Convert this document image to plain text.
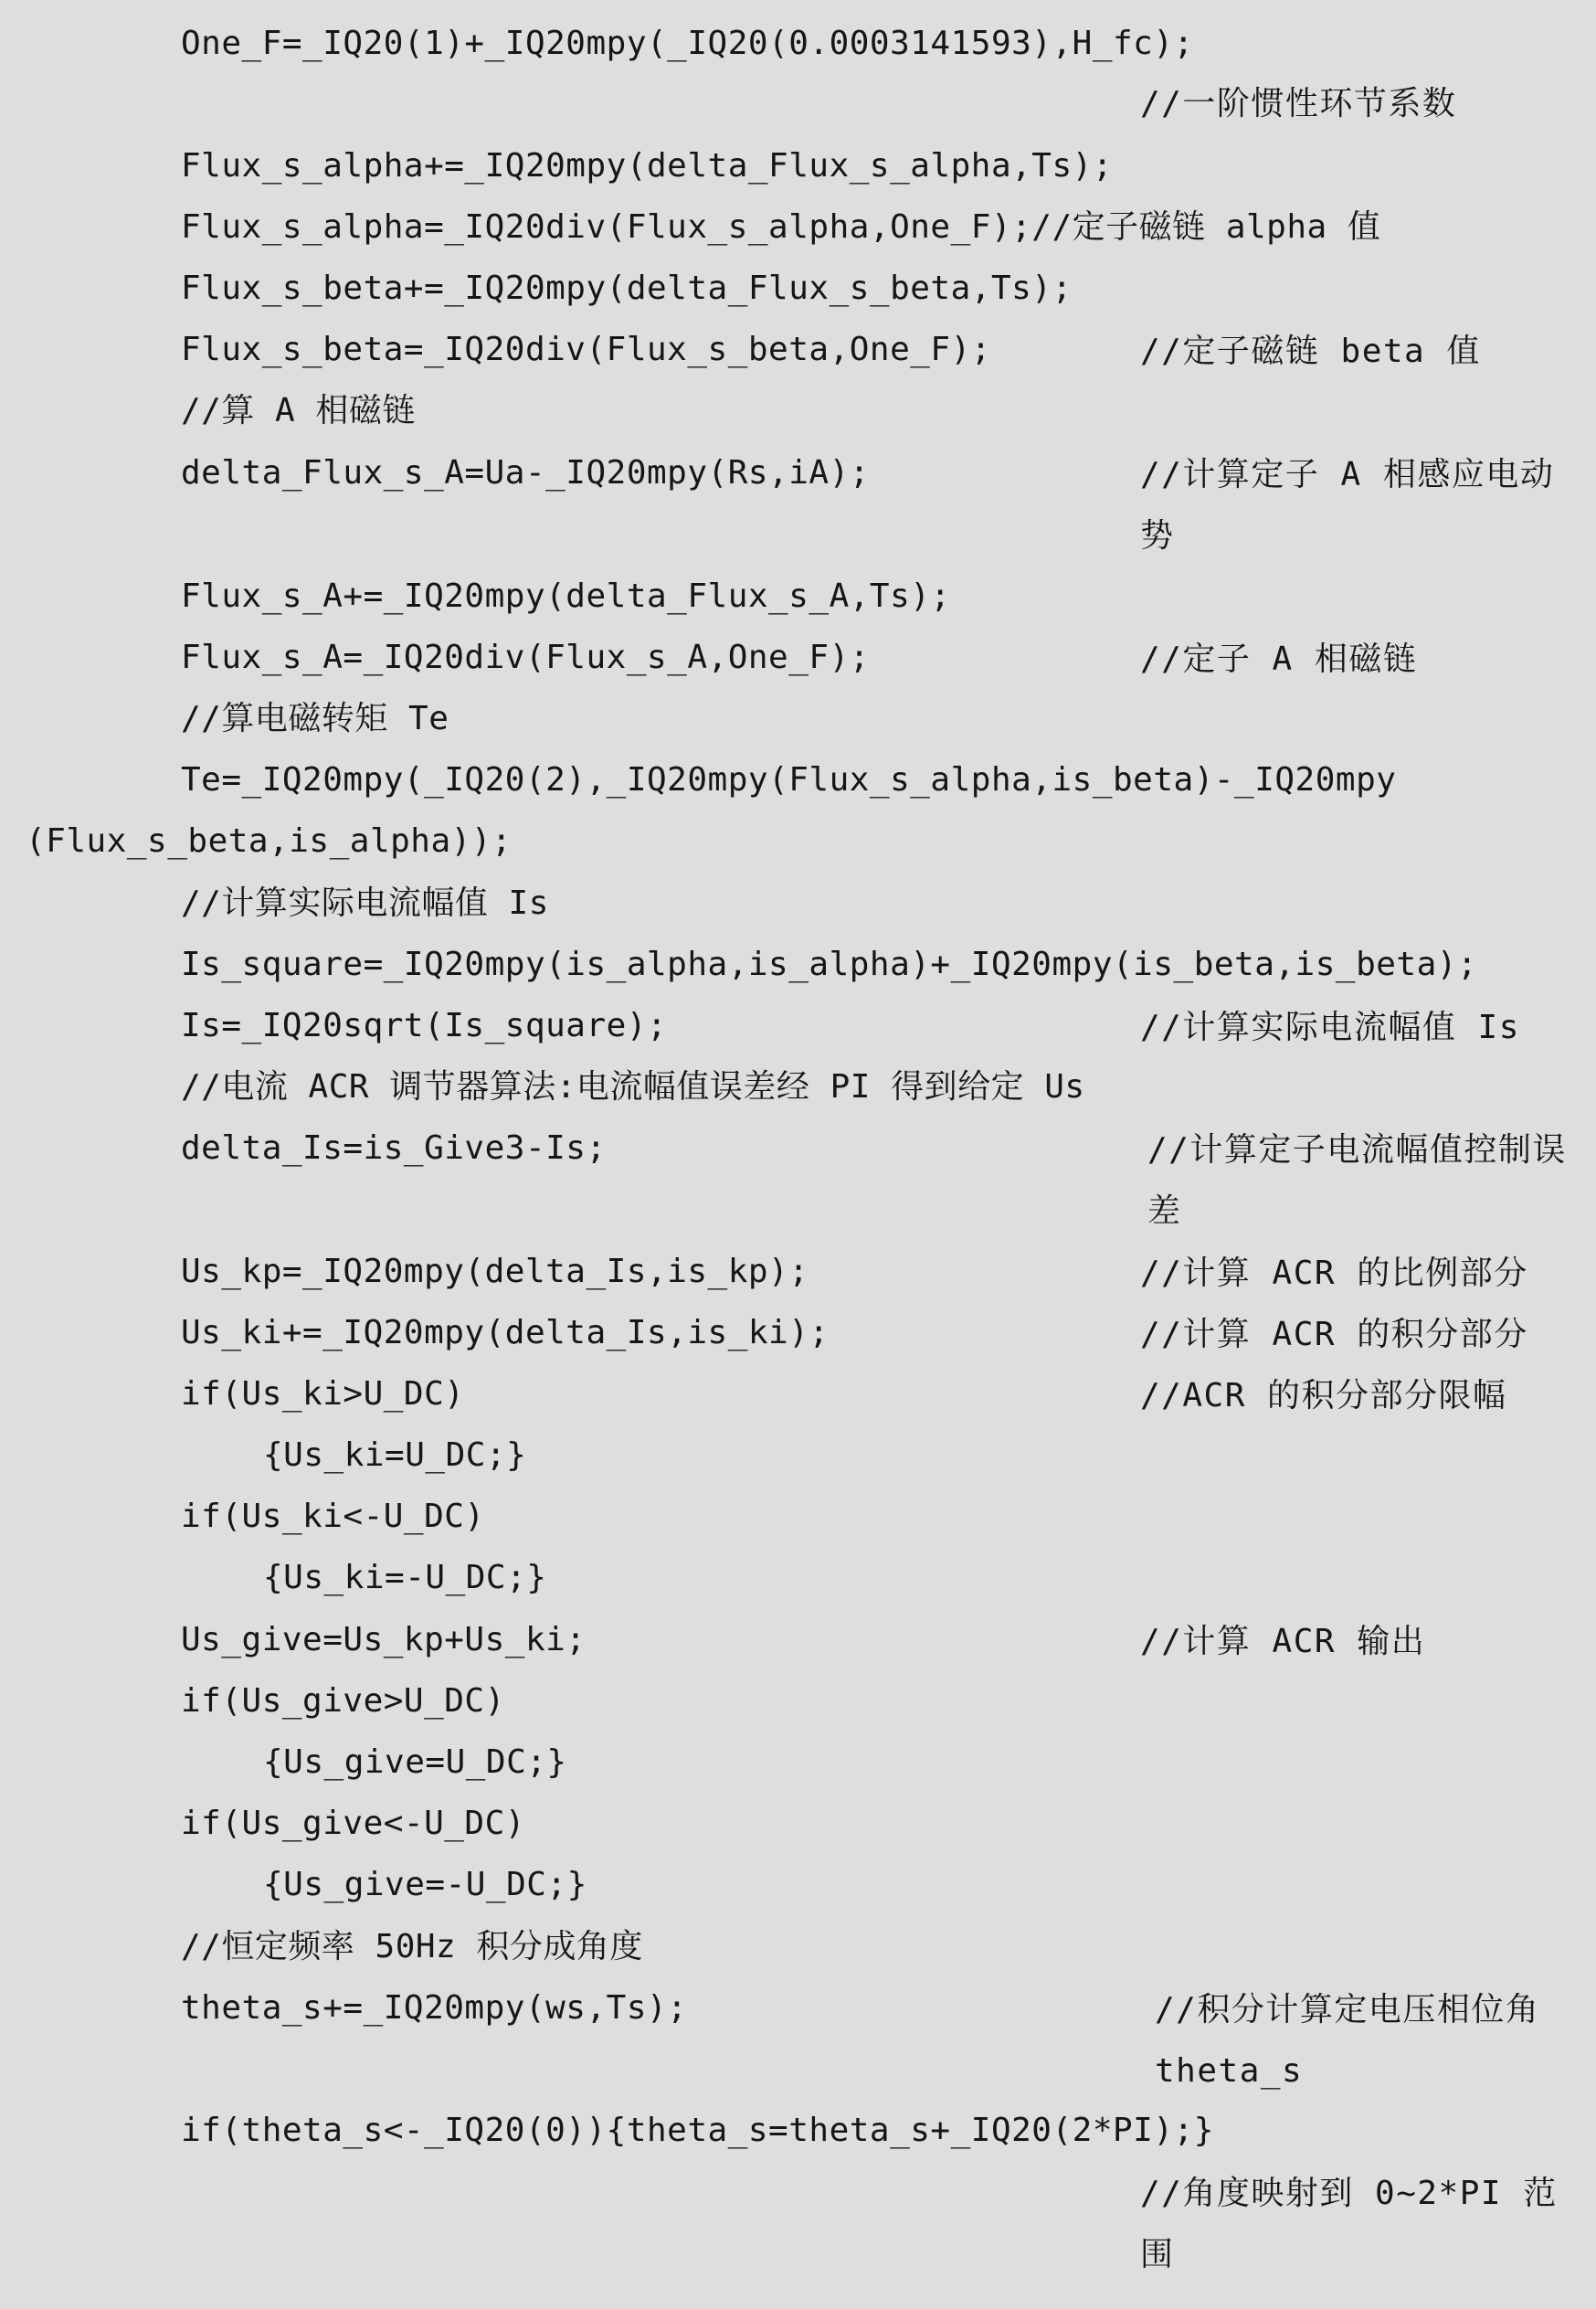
One_F=_IQ20(1)+_IQ20mpy(_IQ20(0.0003141593),H_fc);
//一阶惯性环节系数
Flux_s_alpha+=_IQ20mpy(delta_Flux_s_alpha,Ts);
Flux_s_alpha=_IQ20div(Flux_s_alpha,One_F);//定子磁链 alpha 值
Flux_s_beta+=_IQ20mpy(delta_Flux_s_beta,Ts);
Flux_s_beta=_IQ20div(Flux_s_beta,One_F);	//定子磁链 beta 值
//算 A 相磁链
delta_Flux_s_A=Ua-_IQ20mpy(Rs,iA);	//计算定子 A 相感应电动势
Flux_s_A+=_IQ20mpy(delta_Flux_s_A,Ts);
Flux_s_A=_IQ20div(Flux_s_A,One_F);	//定子 A 相磁链
//算电磁转矩 Te
Te=_IQ20mpy(_IQ20(2),_IQ20mpy(Flux_s_alpha,is_beta)-_IQ20mpy
(Flux_s_beta,is_alpha));
//计算实际电流幅值 Is
Is_square=_IQ20mpy(is_alpha,is_alpha)+_IQ20mpy(is_beta,is_beta);
Is=_IQ20sqrt(Is_square);	//计算实际电流幅值 Is
//电流 ACR 调节器算法:电流幅值误差经 PI 得到给定 Us
delta_Is=is_Give3-Is;	//计算定子电流幅值控制误差
Us_kp=_IQ20mpy(delta_Is,is_kp);	//计算 ACR 的比例部分
Us_ki+=_IQ20mpy(delta_Is,is_ki);	//计算 ACR 的积分部分
if(Us_ki>U_DC)	//ACR 的积分部分限幅
{Us_ki=U_DC;}
if(Us_ki<-U_DC)
{Us_ki=-U_DC;}
Us_give=Us_kp+Us_ki;	//计算 ACR 输出
if(Us_give>U_DC)
{Us_give=U_DC;}
if(Us_give<-U_DC)
{Us_give=-U_DC;}
//恒定频率 50Hz 积分成角度
theta_s+=_IQ20mpy(ws,Ts);	//积分计算定电压相位角 theta_s
if(theta_s<-_IQ20(0)){theta_s=theta_s+_IQ20(2*PI);}
//角度映射到 0~2*PI 范围
